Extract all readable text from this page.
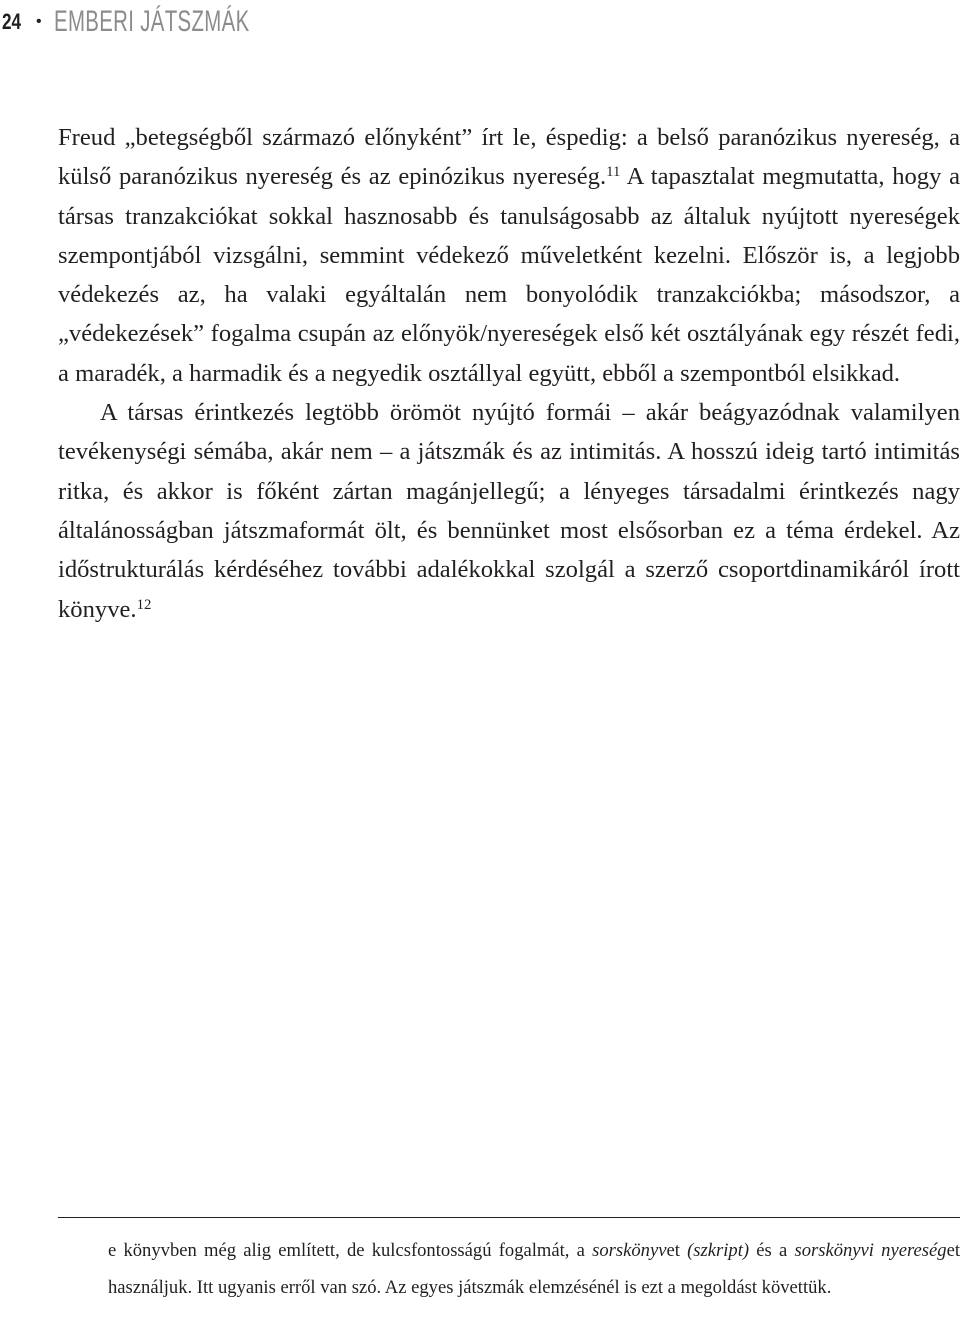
24 • EMBERI JÁTSZMÁK

Freud „betegségből származó előnyként” írt le, éspedig: a belső paranózikus nyereség, a külső paranózikus nyereség és az epinózikus nyereség.$^{11}$ A tapasztalat megmutatta, hogy a társas tranzakciókat sokkal hasznosabb és tanulságosabb az általuk nyújtott nyereségek szempontjából vizsgálni, semmint védekező műveletként kezelni. Először is, a legjobb védekezés az, ha valaki egyáltalán nem bonyolódik tranzakciókba; másodszor, a „védekezések” fogalma csupán az előnyök/nyereségek első két osztályának egy részét fedi, a maradék, a harmadik és a negyedik osztállyal együtt, ebből a szempontból elsikkad.

A társas érintkezés legtöbb örömöt nyújtó formái – akár beágyazódnak valamilyen tevékenységi sémába, akár nem – a játszmák és az intimitás. A hosszú ideig tartó intimitás ritka, és akkor is főként zártan magánjellegű; a lényeges társadalmi érintkezés nagy általánosságban játszmaformát ölt, és bennünket most elsősorban ez a téma érdekel. Az időstrukturálás kérdéséhez további adalékokkal szolgál a szerző csoportdinamikáról írott könyve.$^{12}$

e könyvben még alig említett, de kulcsfontosságú fogalmát, a sorskönyvet (szkript) és a sorskönyvi nyereséget használjuk. Itt ugyanis erről van szó. Az egyes játszmák elemzésénél is ezt a megoldást követtük.
